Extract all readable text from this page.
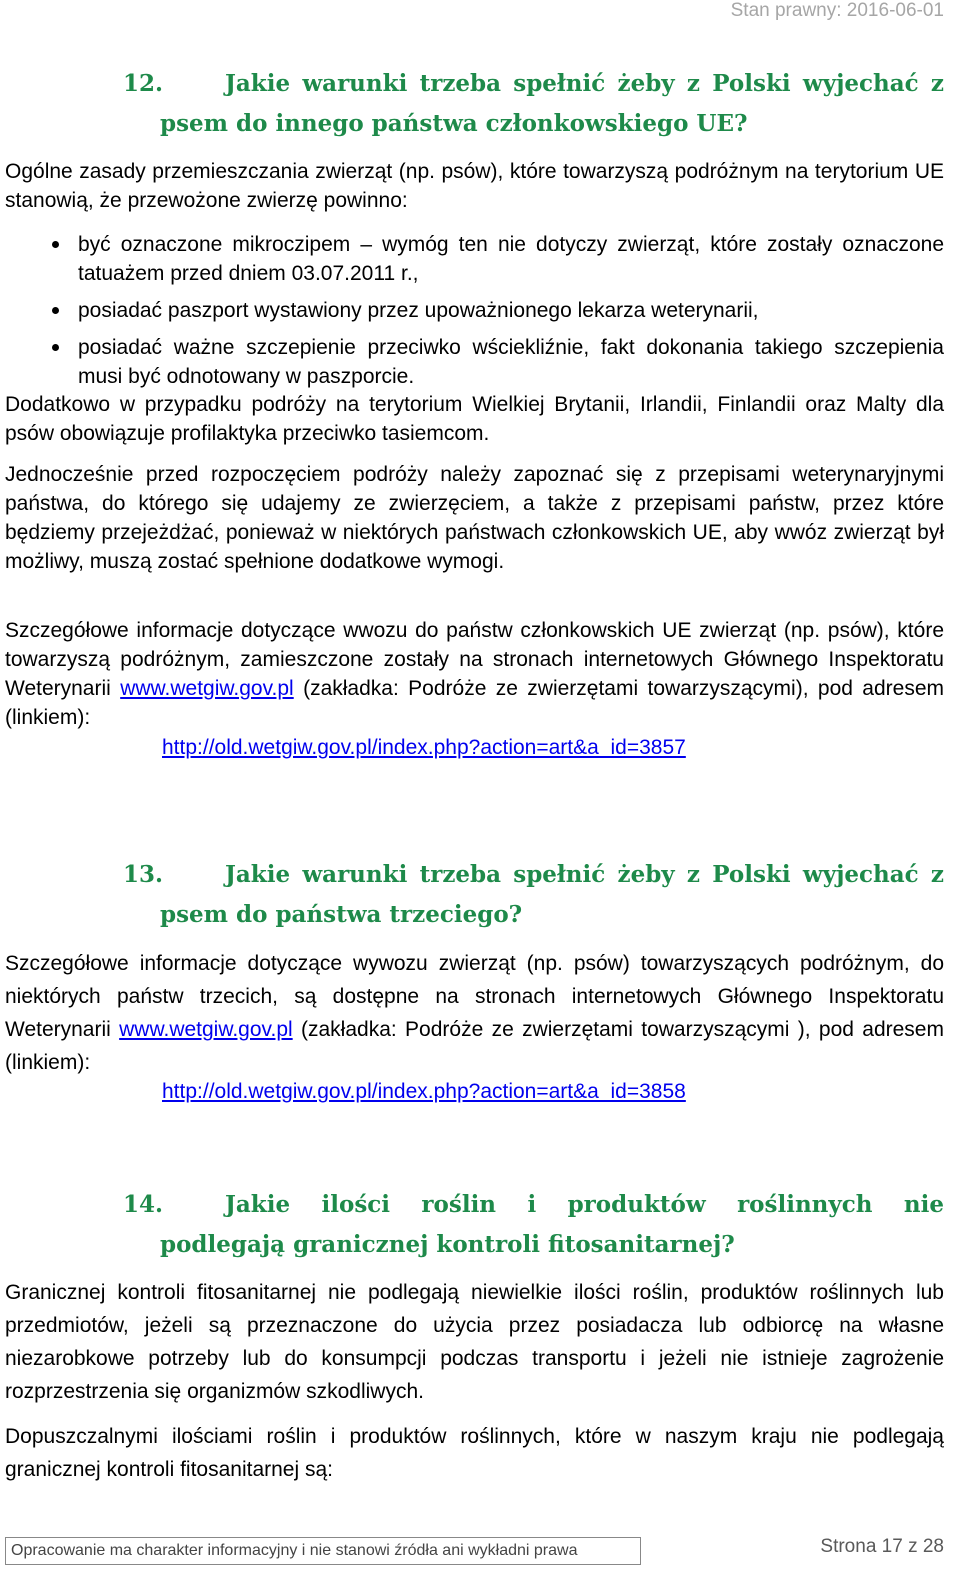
Stan prawny: 2016-06-01
12.	Jakie warunki trzeba spełnić żeby z Polski wyjechać z
psem do innego państwa członkowskiego UE?
Ogólne zasady przemieszczania zwierząt (np. psów), które towarzyszą podróżnym na terytorium UE stanowią, że przewożone zwierzę powinno:
być oznaczone mikroczipem – wymóg ten nie dotyczy zwierząt, które zostały oznaczone tatuażem przed dniem 03.07.2011 r.,
posiadać paszport wystawiony przez upoważnionego lekarza weterynarii,
posiadać ważne szczepienie przeciwko wściekliźnie, fakt dokonania takiego szczepienia musi być odnotowany w paszporcie.
Dodatkowo w przypadku podróży na terytorium Wielkiej Brytanii, Irlandii, Finlandii oraz Malty dla psów obowiązuje profilaktyka przeciwko tasiemcom.
Jednocześnie przed rozpoczęciem podróży należy zapoznać się z przepisami weterynaryjnymi państwa, do którego się udajemy ze zwierzęciem, a także z przepisami państw, przez które będziemy przejeżdżać, ponieważ w niektórych państwach członkowskich UE, aby wwóz zwierząt był możliwy, muszą zostać spełnione dodatkowe wymogi.
Szczegółowe informacje dotyczące wwozu do państw członkowskich UE zwierząt (np. psów), które towarzyszą podróżnym, zamieszczone zostały na stronach internetowych Głównego Inspektoratu Weterynarii www.wetgiw.gov.pl (zakładka: Podróże ze zwierzętami towarzyszącymi), pod adresem (linkiem):
http://old.wetgiw.gov.pl/index.php?action=art&a_id=3857
13.	Jakie warunki trzeba spełnić żeby z Polski wyjechać z
psem do państwa trzeciego?
Szczegółowe informacje dotyczące wywozu zwierząt (np. psów) towarzyszących podróżnym, do niektórych państw trzecich, są dostępne na stronach internetowych Głównego Inspektoratu Weterynarii www.wetgiw.gov.pl (zakładka: Podróże ze zwierzętami towarzyszącymi ), pod adresem (linkiem):
http://old.wetgiw.gov.pl/index.php?action=art&a_id=3858
14.	Jakie ilości roślin i produktów roślinnych nie
podlegają granicznej kontroli fitosanitarnej?
Granicznej kontroli fitosanitarnej nie podlegają niewielkie ilości roślin, produktów roślinnych lub przedmiotów, jeżeli są przeznaczone do użycia przez posiadacza lub odbiorcę na własne niezarobkowe potrzeby lub do konsumpcji podczas transportu i jeżeli nie istnieje zagrożenie rozprzestrzenia się organizmów szkodliwych.
Dopuszczalnymi ilościami roślin i produktów roślinnych, które w naszym kraju nie podlegają granicznej kontroli fitosanitarnej są:
Opracowanie ma charakter informacyjny i nie stanowi źródła ani wykładni prawa	Strona 17 z 28
